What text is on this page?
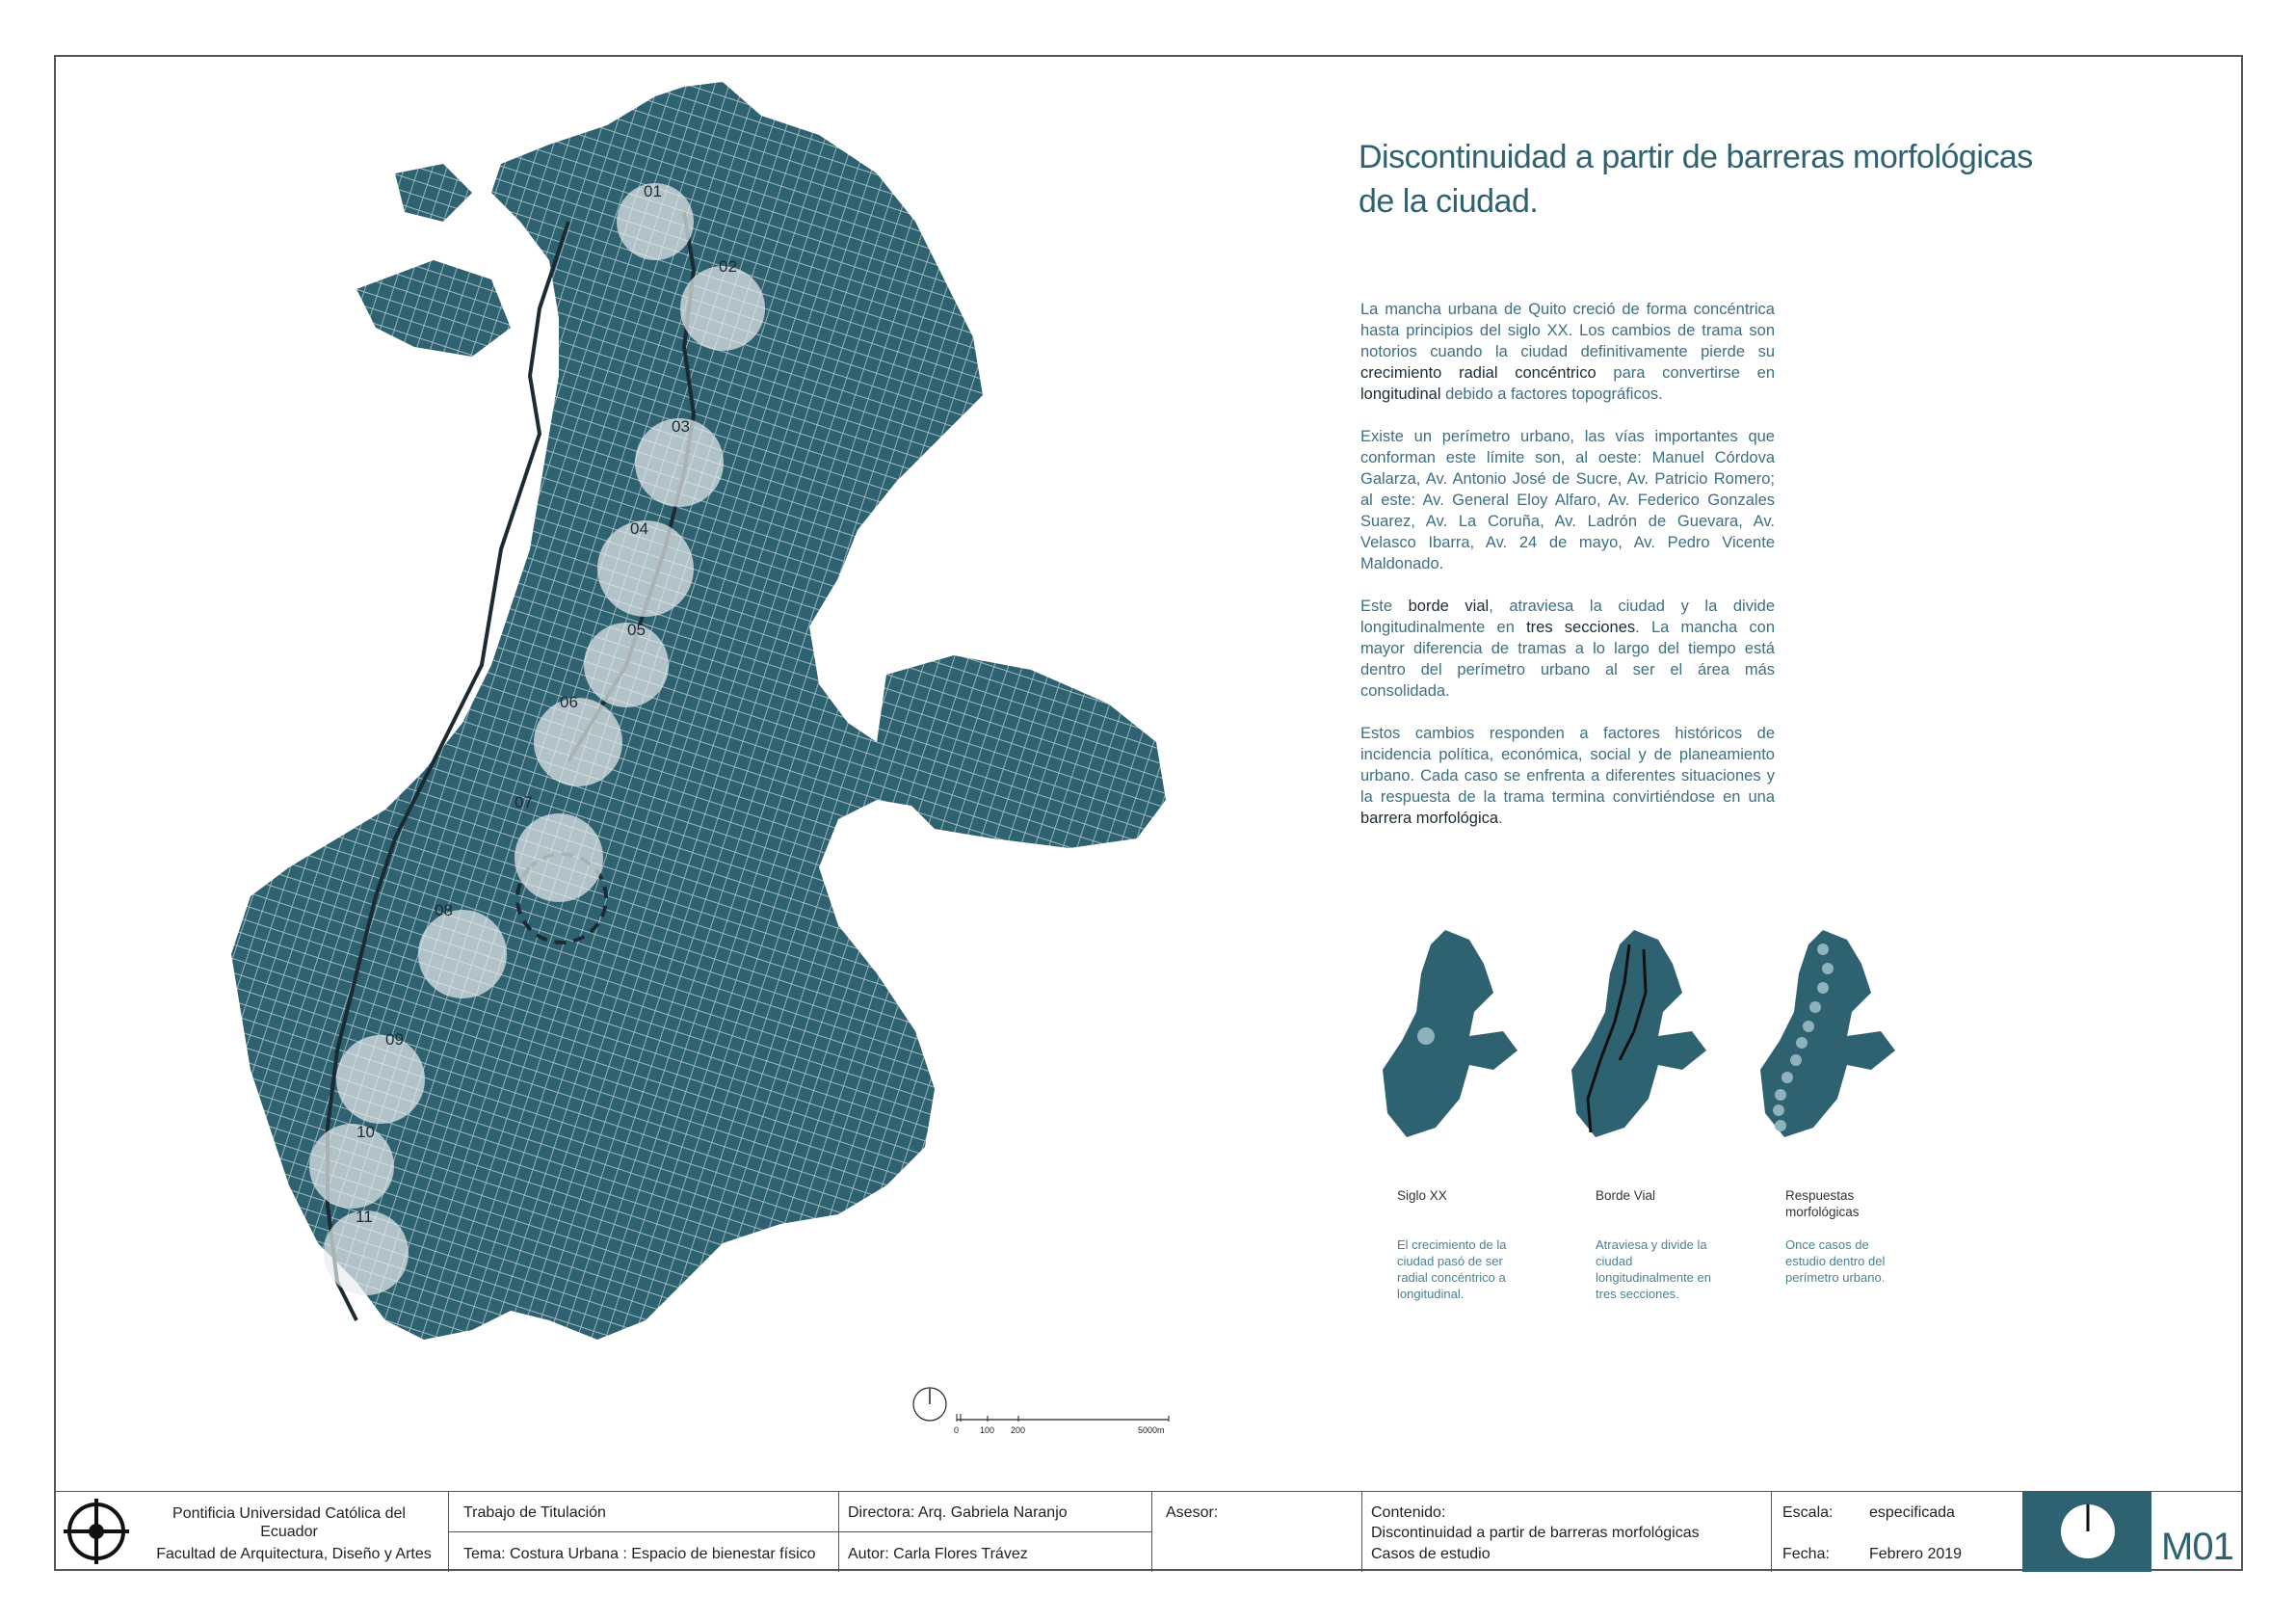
01
02
03
04
05
06
07
08
09
10
11
Discontinuidad a partir de barreras morfológicas
de la ciudad.

La mancha urbana de Quito creció de forma concéntrica hasta principios del siglo XX. Los cambios de trama son notorios cuando la ciudad definitivamente pierde su crecimiento radial concéntrico para convertirse en longitudinal debido a factores topográficos.

Existe un perímetro urbano, las vías importantes que conforman este límite son, al oeste: Manuel Córdova Galarza, Av. Antonio José de Sucre, Av. Patricio Romero; al este: Av. General Eloy Alfaro, Av. Federico Gonzales Suarez, Av. La Coruña, Av. Ladrón de Guevara, Av. Velasco Ibarra, Av. 24 de mayo, Av. Pedro Vicente Maldonado.

Este borde vial, atraviesa la ciudad y la divide longitudinalmente en tres secciones. La mancha con mayor diferencia de tramas a lo largo del tiempo está dentro del perímetro urbano al ser el área más consolidada.

Estos cambios responden a factores históricos de incidencia política, económica, social y de planeamiento urbano. Cada caso se enfrenta a diferentes situaciones y la respuesta de la trama termina convirtiéndose en una barrera morfológica.

Siglo XX	Borde Vial	Respuestas morfológicas
El crecimiento de la ciudad pasó de ser radial concéntrico a longitudinal.
Atraviesa y divide la ciudad longitudinalmente en tres secciones.
Once casos de estudio dentro del perímetro urbano.
0 100 200	5000m
Pontificia Universidad Católica del Ecuador
Facultad de Arquitectura, Diseño y Artes
Trabajo de Titulación
Tema: Costura Urbana : Espacio de bienestar físico
Directora: Arq. Gabriela Naranjo
Autor: Carla Flores Trávez
Asesor:	Contenido:
Discontinuidad a partir de barreras morfológicas
Casos de estudio
Escala: especificada
Fecha:	Febrero 2019	M01
